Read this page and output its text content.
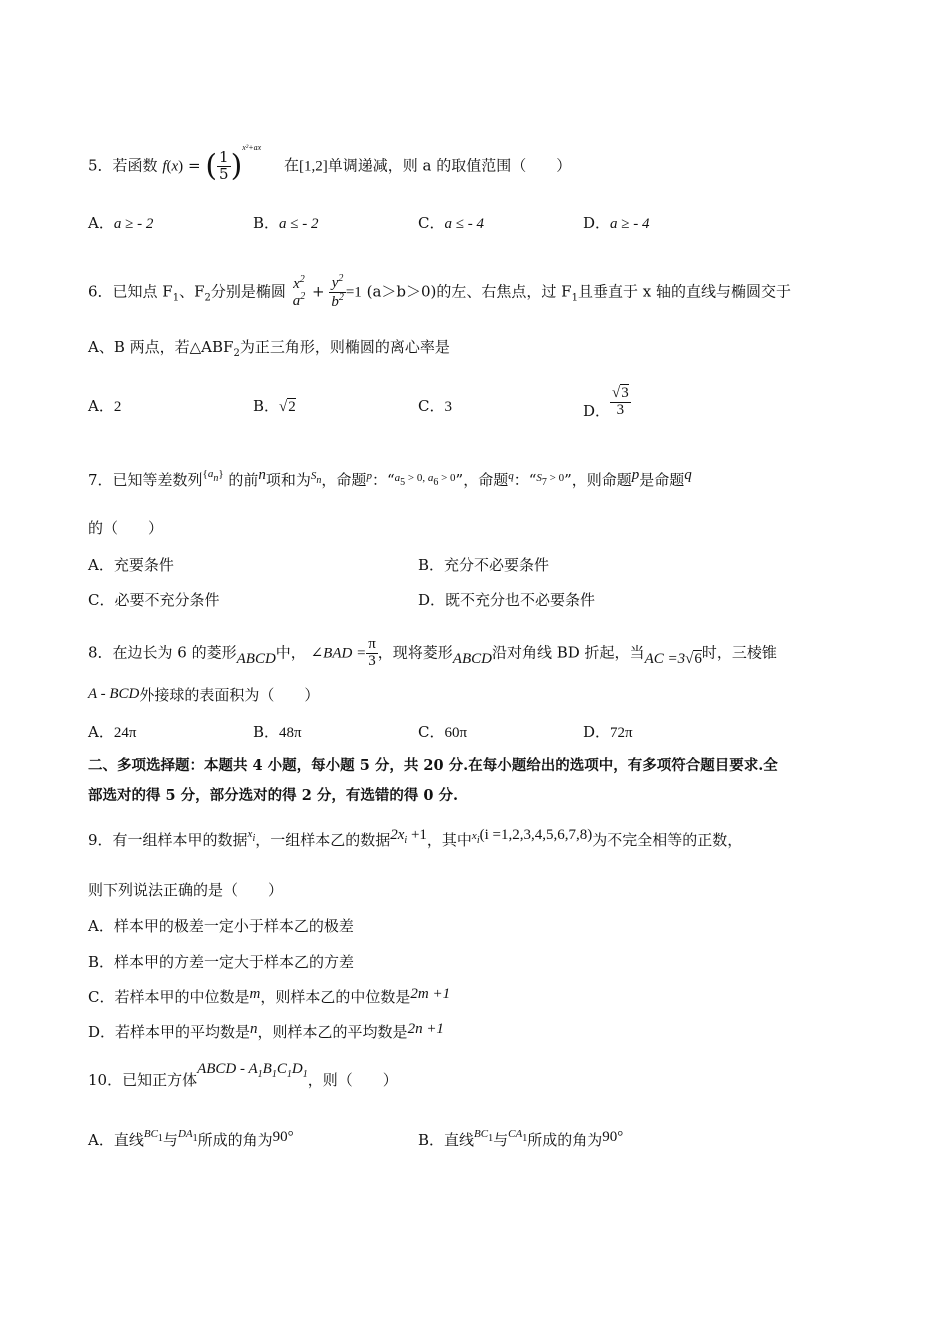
5．若函数 f(x) = ( $\frac{1}{5} )^{x^2+ax}$ 在[1,2]单调递减，则 a 的取值范围（　　）
A．a ≥ - 2	B．a ≤ - 2	C．a ≤ - 4	D．a ≥ - 4
6．已知点 $F_1$、$F_2$分别是椭圆 $x^2$
$a^2 + \frac{y^2}{b^2} =1$ (a＞b＞0)的左、右焦点，过 $F_1$且垂直于 x 轴的直线与椭圆交于
A、B 两点，若$\triangle ABF_2$为正三角形，则椭圆的离心率是
A．2	B．√2	C．3	D． $\frac{√3}{3}$
7．已知等差数列$^{\{a}_n$} 的前n项和为$^S_n$，命题$^p$：“$^a_5$ $^{> 0,}$ $^a_6$ $^{> 0}$”，命题$^q$：“$^S_7$ $^{> 0}$”，则命题p是命题q
的（　　）
A．充要条件	B．充分不必要条件
C．必要不充分条件	D．既不充分也不必要条件
8．在边长为 6 的菱形ABCD中， ∠BAD = $\frac{\pi}{3}$ ，现将菱形ABCD沿对角线 BD 折起，当AC =3√6时，三棱锥
A - BCD外接球的表面积为（　　）
A．24π	B．48π	C．60π	D．72π
二、多项选择题：本题共 4 小题，每小题 5 分，共 20 分.在每小题给出的选项中，有多项符合题目要求.全
部选对的得 5 分，部分选对的得 2 分，有选错的得 0 分.
9．有一组样本甲的数据$^x_i$，一组样本乙的数据$2x_i +1$，其中$^x_i$(i =1,2,3,4,5,6,7,8)为不完全相等的正数，
则下列说法正确的是（　　）
A．样本甲的极差一定小于样本乙的极差
B．样本甲的方差一定大于样本乙的方差
C．若样本甲的中位数是m，则样本乙的中位数是2m +1
D．若样本甲的平均数是n，则样本乙的平均数是2n +1
10．已知正方体ABCD - $A_1B_1C_1D_1$，则（　　）
A．直线$^{BC}_1$与$^{DA}_1$所成的角为90°	B．直线$^{BC}_1$与$^{CA}_1$所成的角为90°
